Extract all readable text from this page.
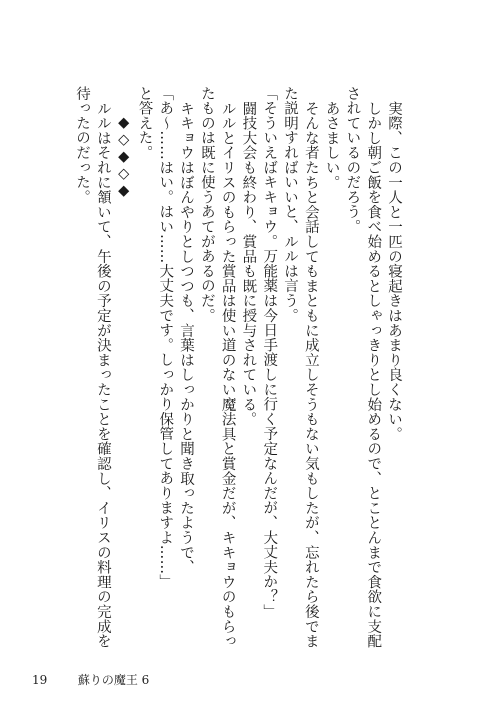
実際、この一人と一匹の寝起きはあまり良くない。

しかし朝ご飯を食べ始めるとしゃっきりとし始めるので、とことんまで食欲に支配されているのだろう。

あさましい。

そんな者たちと会話してもまともに成立しそうもない気もしたが、忘れたら後でまた説明すればいいと、ルルは言う。

「そういえばキキョウ。万能薬は今日手渡しに行く予定なんだが、大丈夫か？」

闘技大会も終わり、賞品も既に授与されている。

ルルとイリスのもらった賞品は使い道のない魔法具と賞金だが、キキョウのもらったものは既に使うあてがあるのだ。

キキョウはぼんやりとしつつも、言葉はしっかりと聞き取ったようで、

「あ〜……はい。はい……大丈夫です。しっかり保管してありますよ……」

と答えた。

◆◇◆◇◆

ルルはそれに頷いて、午後の予定が決まったことを確認し、イリスの料理の完成を待ったのだった。

19	蘇りの魔王 6
